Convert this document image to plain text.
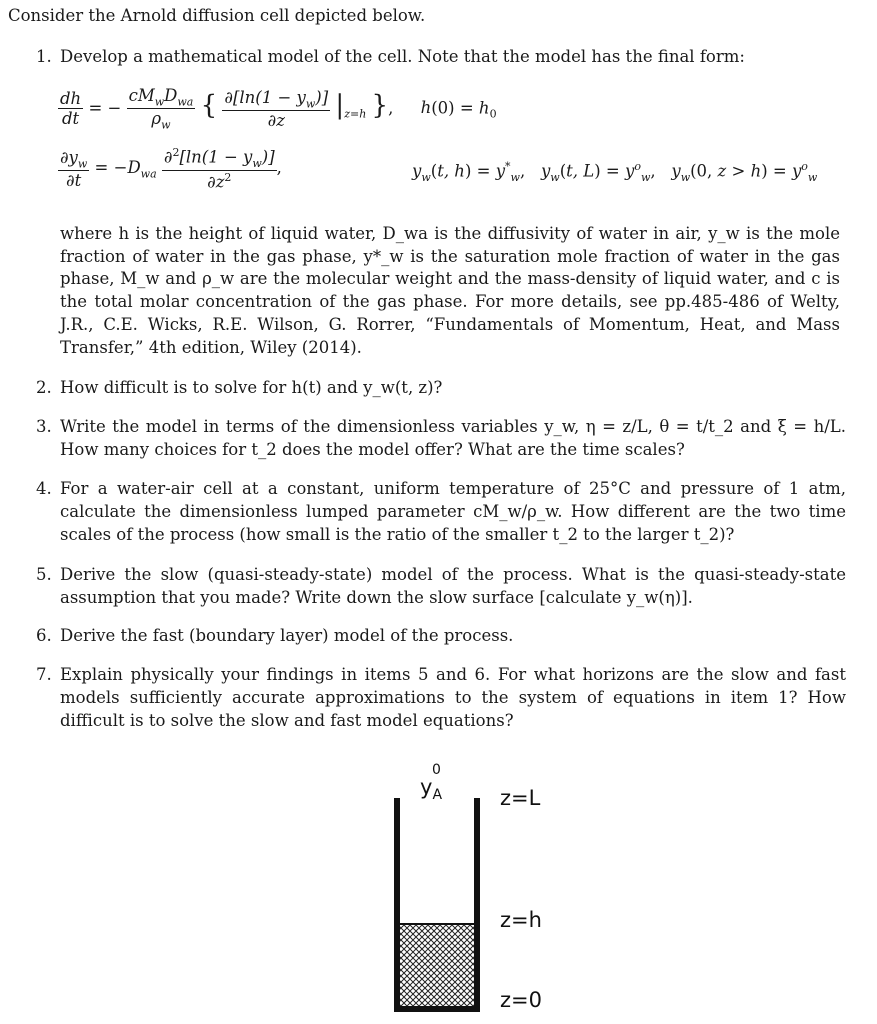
Consider the Arnold diffusion cell depicted below.
1. Develop a mathematical model of the cell. Note that the model has the final form:
$\frac{dh}{dt}$ = − $\frac{cM_wD_{wa}}{\rho_w}$ { $\frac{\partial[\ln(1 - y_w)]}{\partial z} |_{z=h}$ }, $h(0) = h_0$
$\frac{\partial y_w}{\partial t} = -D_{wa} \frac{\partial^2[\ln(1 - y_w)]}{\partial z^2}$ ,	$y_w(t$, $h) = y^*_w$,   $y_w(t$, $L) = y^o_w$,   $y_w(0$, $z > h) = y^o_w$
where h is the height of liquid water, D_wa is the diffusivity of water in air, y_w is the mole fraction of water in the gas phase, y*_w is the saturation mole fraction of water in the gas phase, M_w and ρ_w are the molecular weight and the mass-density of liquid water, and c is the total molar concentration of the gas phase. For more details, see pp.485-486 of Welty, J.R., C.E. Wicks, R.E. Wilson, G. Rorrer, “Fundamentals of Momentum, Heat, and Mass Transfer,” 4th edition, Wiley (2014).
2. How difficult is to solve for h(t) and y_w(t, z)?
3. Write the model in terms of the dimensionless variables y_w, η = z/L, θ = t/t_2 and ξ = h/L. How many choices for t_2 does the model offer? What are the time scales?
4. For a water-air cell at a constant, uniform temperature of 25°C and pressure of 1 atm, calculate the dimensionless lumped parameter cM_w/ρ_w. How different are the two time scales of the process (how small is the ratio of the smaller t_2 to the larger t_2)?
5. Derive the slow (quasi-steady-state) model of the process. What is the quasi-steady-state assumption that you made? Write down the slow surface [calculate y_w(η)].
6. Derive the fast (boundary layer) model of the process.
7. Explain physically your findings in items 5 and 6. For what horizons are the slow and fast models sufficiently accurate approximations to the system of equations in item 1? How difficult is to solve the slow and fast model equations?
$y_A^0$
z=L
z=h
z=0
